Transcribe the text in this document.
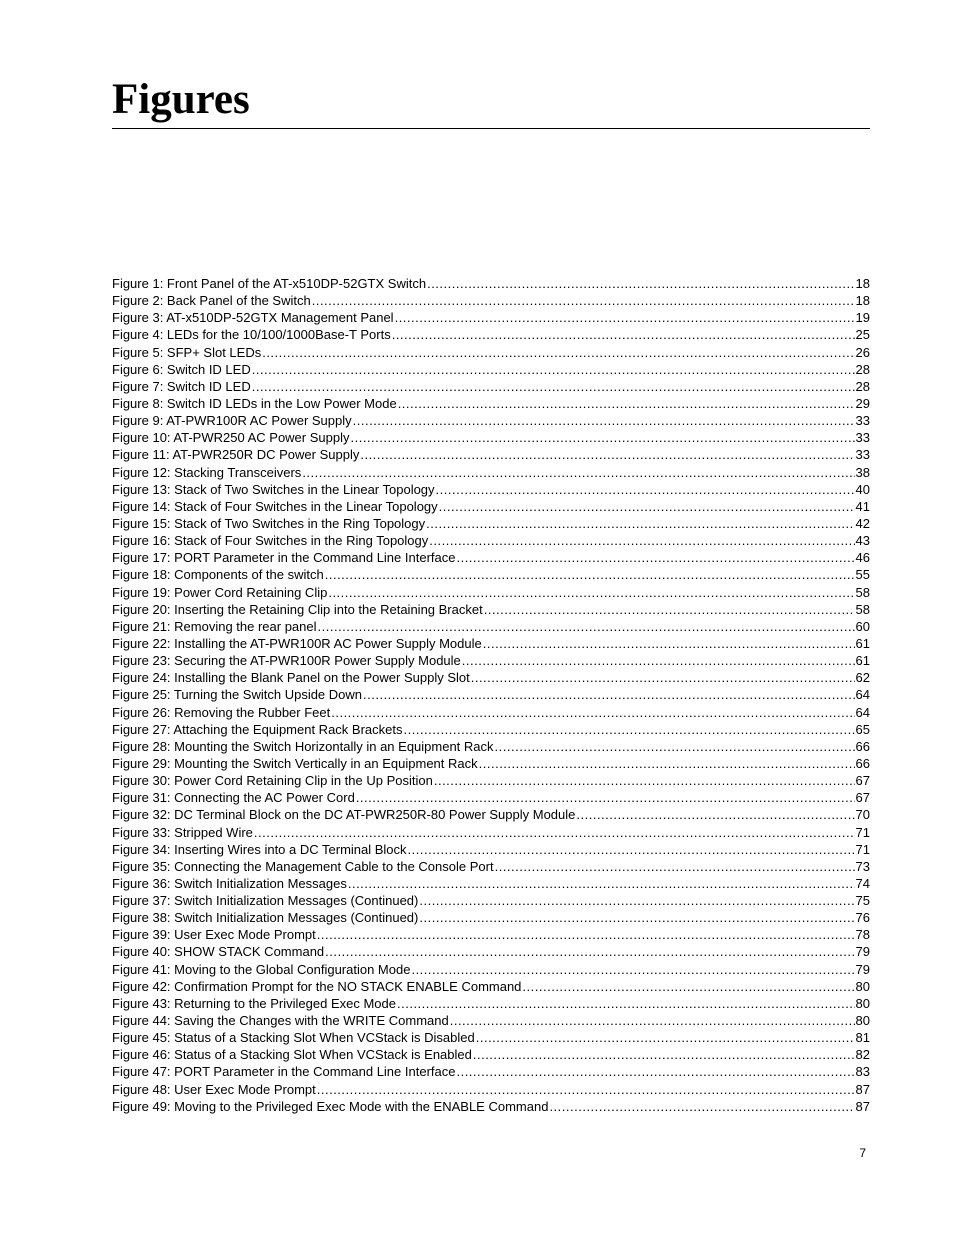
Figures
Figure 1: Front Panel of the AT-x510DP-52GTX Switch .....	18
Figure 2: Back Panel of the Switch .....	18
Figure 3: AT-x510DP-52GTX Management Panel .....	19
Figure 4: LEDs for the 10/100/1000Base-T Ports .....	25
Figure 5: SFP+ Slot LEDs .....	26
Figure 6: Switch ID LED .....	28
Figure 7: Switch ID LED .....	28
Figure 8: Switch ID LEDs in the Low Power Mode .....	29
Figure 9: AT-PWR100R AC Power Supply .....	33
Figure 10: AT-PWR250 AC Power Supply .....	33
Figure 11: AT-PWR250R DC Power Supply .....	33
Figure 12: Stacking Transceivers .....	38
Figure 13: Stack of Two Switches in the Linear Topology .....	40
Figure 14: Stack of Four Switches in the Linear Topology .....	41
Figure 15: Stack of Two Switches in the Ring Topology .....	42
Figure 16: Stack of Four Switches in the Ring Topology .....	43
Figure 17: PORT Parameter in the Command Line Interface .....	46
Figure 18: Components of the switch .....	55
Figure 19: Power Cord Retaining Clip .....	58
Figure 20: Inserting the Retaining Clip into the Retaining Bracket .....	58
Figure 21: Removing the rear panel .....	60
Figure 22: Installing the AT-PWR100R AC Power Supply Module .....	61
Figure 23: Securing the AT-PWR100R Power Supply Module .....	61
Figure 24: Installing the Blank Panel on the Power Supply Slot .....	62
Figure 25: Turning the Switch Upside Down .....	64
Figure 26: Removing the Rubber Feet .....	64
Figure 27: Attaching the Equipment Rack Brackets .....	65
Figure 28: Mounting the Switch Horizontally in an Equipment Rack .....	66
Figure 29: Mounting the Switch Vertically in an Equipment Rack .....	66
Figure 30: Power Cord Retaining Clip in the Up Position .....	67
Figure 31: Connecting the AC Power Cord .....	67
Figure 32: DC Terminal Block on the DC AT-PWR250R-80 Power Supply Module .....	70
Figure 33: Stripped Wire .....	71
Figure 34: Inserting Wires into a DC Terminal Block .....	71
Figure 35: Connecting the Management Cable to the Console Port .....	73
Figure 36: Switch Initialization Messages .....	74
Figure 37: Switch Initialization Messages (Continued) .....	75
Figure 38: Switch Initialization Messages (Continued) .....	76
Figure 39: User Exec Mode Prompt .....	78
Figure 40: SHOW STACK Command .....	79
Figure 41: Moving to the Global Configuration Mode .....	79
Figure 42: Confirmation Prompt for the NO STACK ENABLE Command .....	80
Figure 43: Returning to the Privileged Exec Mode .....	80
Figure 44: Saving the Changes with the WRITE Command .....	80
Figure 45: Status of a Stacking Slot When VCStack is Disabled .....	81
Figure 46: Status of a Stacking Slot When VCStack is Enabled .....	82
Figure 47: PORT Parameter in the Command Line Interface .....	83
Figure 48: User Exec Mode Prompt .....	87
Figure 49: Moving to the Privileged Exec Mode with the ENABLE Command .....	87
7
